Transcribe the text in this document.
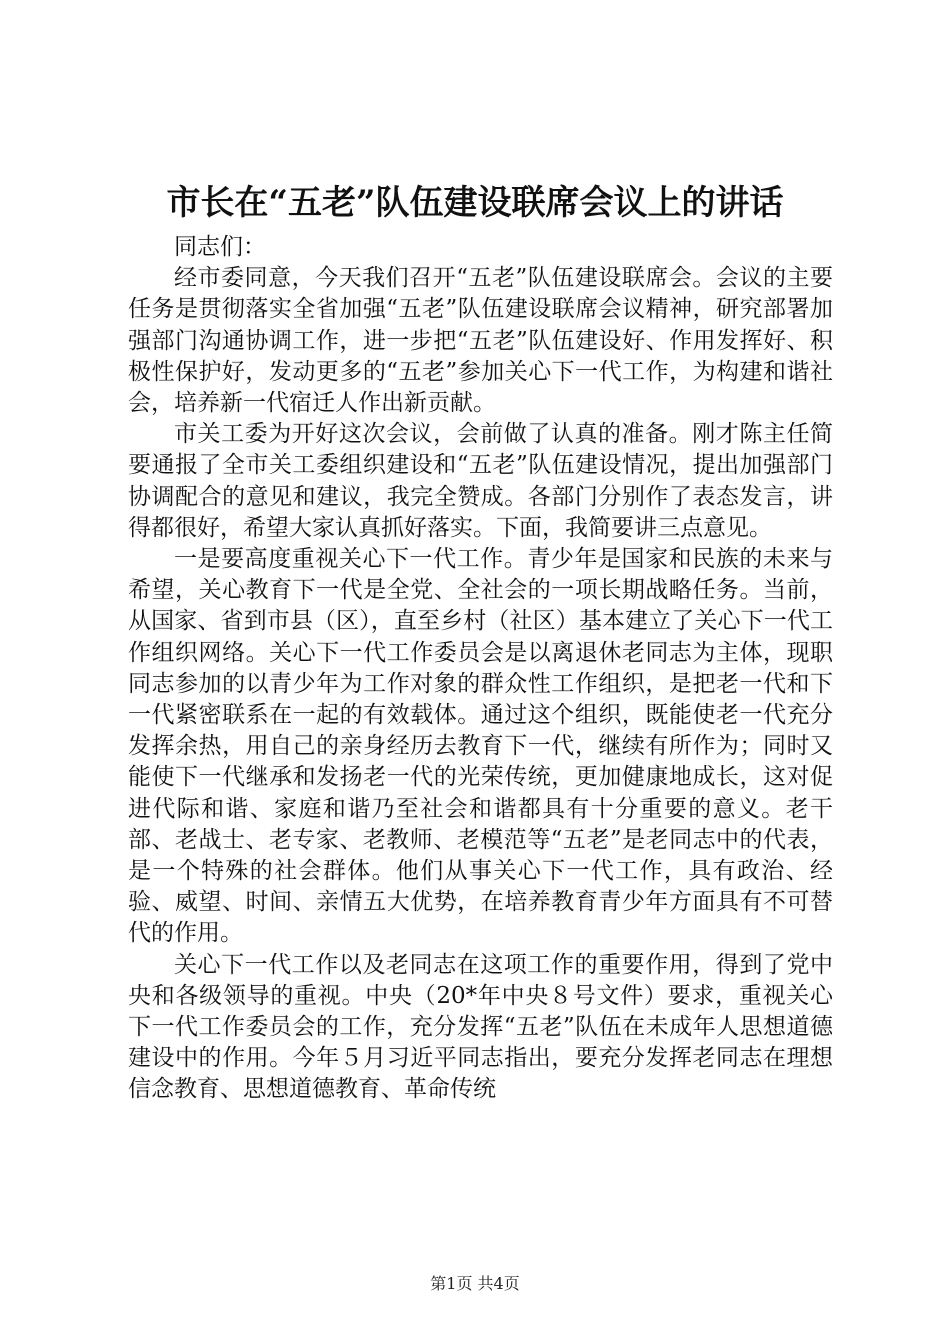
市长在“五老”队伍建设联席会议上的讲话

同志们：

经市委同意，今天我们召开“五老”队伍建设联席会。会议的主要任务是贯彻落实全省加强“五老”队伍建设联席会议精神，研究部署加强部门沟通协调工作，进一步把“五老”队伍建设好、作用发挥好、积极性保护好，发动更多的“五老”参加关心下一代工作，为构建和谐社会，培养新一代宿迁人作出新贡献。

市关工委为开好这次会议，会前做了认真的准备。刚才陈主任简要通报了全市关工委组织建设和“五老”队伍建设情况，提出加强部门协调配合的意见和建议，我完全赞成。各部门分别作了表态发言，讲得都很好，希望大家认真抓好落实。下面，我简要讲三点意见。

一是要高度重视关心下一代工作。青少年是国家和民族的未来与希望，关心教育下一代是全党、全社会的一项长期战略任务。当前，从国家、省到市县（区），直至乡村（社区）基本建立了关心下一代工作组织网络。关心下一代工作委员会是以离退休老同志为主体，现职同志参加的以青少年为工作对象的群众性工作组织，是把老一代和下一代紧密联系在一起的有效载体。通过这个组织，既能使老一代充分发挥余热，用自己的亲身经历去教育下一代，继续有所作为；同时又能使下一代继承和发扬老一代的光荣传统，更加健康地成长，这对促进代际和谐、家庭和谐乃至社会和谐都具有十分重要的意义。老干部、老战士、老专家、老教师、老模范等“五老”是老同志中的代表，是一个特殊的社会群体。他们从事关心下一代工作，具有政治、经验、威望、时间、亲情五大优势，在培养教育青少年方面具有不可替代的作用。

关心下一代工作以及老同志在这项工作的重要作用，得到了党中央和各级领导的重视。中央（20*年中央８号文件）要求，重视关心下一代工作委员会的工作，充分发挥“五老”队伍在未成年人思想道德建设中的作用。今年５月习近平同志指出，要充分发挥老同志在理想信念教育、思想道德教育、革命传统

第1页 共4页
